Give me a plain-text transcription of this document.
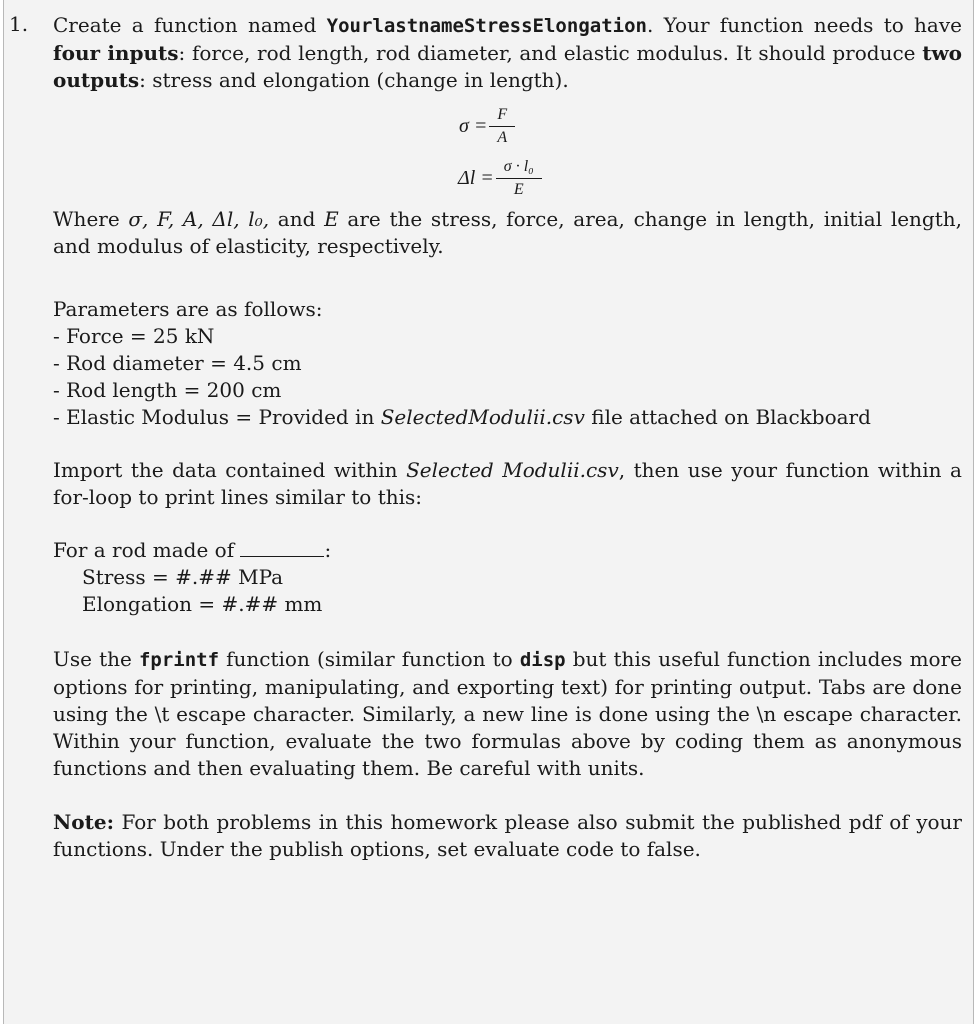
1. Create a function named YourlastnameStressElongation. Your function needs to have four inputs: force, rod length, rod diameter, and elastic modulus. It should produce two outputs: stress and elongation (change in length).

$\sigma = \frac{F}{A}$
$\Delta l = \frac{\text{σ · l₀}}{E}$

Where σ, F, A, Δl, l₀, and E are the stress, force, area, change in length, initial length, and modulus of elasticity, respectively.

Parameters are as follows:

- Force = 25 kN

- Rod diameter = 4.5 cm

- Rod length = 200 cm

- Elastic Modulus = Provided in SelectedModulii.csv file attached on Blackboard

Import the data contained within Selected Modulii.csv, then use your function within a for-loop to print lines similar to this:

For a rod made of	:

Stress = #.## MPa

Elongation = #.## mm

Use the fprintf function (similar function to disp but this useful function includes more options for printing, manipulating, and exporting text) for printing output. Tabs are done using the \t escape character. Similarly, a new line is done using the \n escape character. Within your function, evaluate the two formulas above by coding them as anonymous functions and then evaluating them. Be careful with units.

Note: For both problems in this homework please also submit the published pdf of your functions. Under the publish options, set evaluate code to false.
